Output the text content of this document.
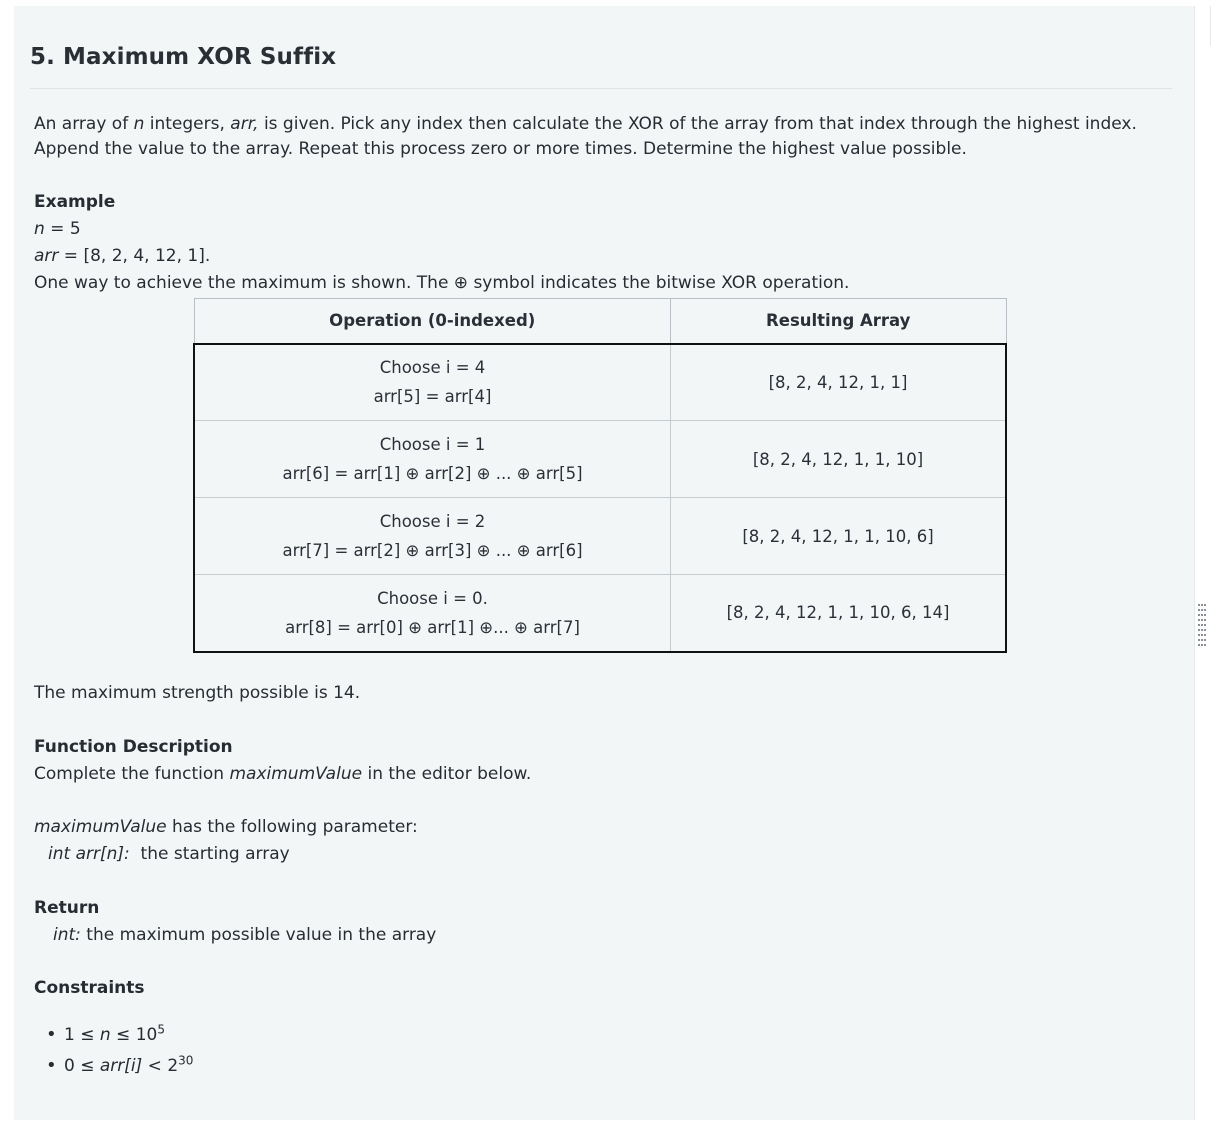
5. Maximum XOR Suffix

An array of n integers, arr, is given. Pick any index then calculate the XOR of the array from that index through the highest index. Append the value to the array. Repeat this process zero or more times. Determine the highest value possible.

Example

n = 5

arr = [8, 2, 4, 12, 1].

One way to achieve the maximum is shown. The ⊕ symbol indicates the bitwise XOR operation.

Operation (0-indexed)	Resulting Array

Choose i = 4
arr[5] = arr[4]	[8, 2, 4, 12, 1, 1]

Choose i = 1
arr[6] = arr[1] ⊕ arr[2] ⊕ ... ⊕ arr[5]	[8, 2, 4, 12, 1, 1, 10]

Choose i = 2
arr[7] = arr[2] ⊕ arr[3] ⊕ ... ⊕ arr[6]	[8, 2, 4, 12, 1, 1, 10, 6]

Choose i = 0.
arr[8] = arr[0] ⊕ arr[1] ⊕... ⊕ arr[7]	[8, 2, 4, 12, 1, 1, 10, 6, 14]

The maximum strength possible is 14.

Function Description

Complete the function maximumValue in the editor below.

maximumValue has the following parameter:

int arr[n]:  the starting array

Return

int: the maximum possible value in the array

Constraints

• $1 \le n \le 10^5$
• $0 \le arr[i] < 2^{30}$
